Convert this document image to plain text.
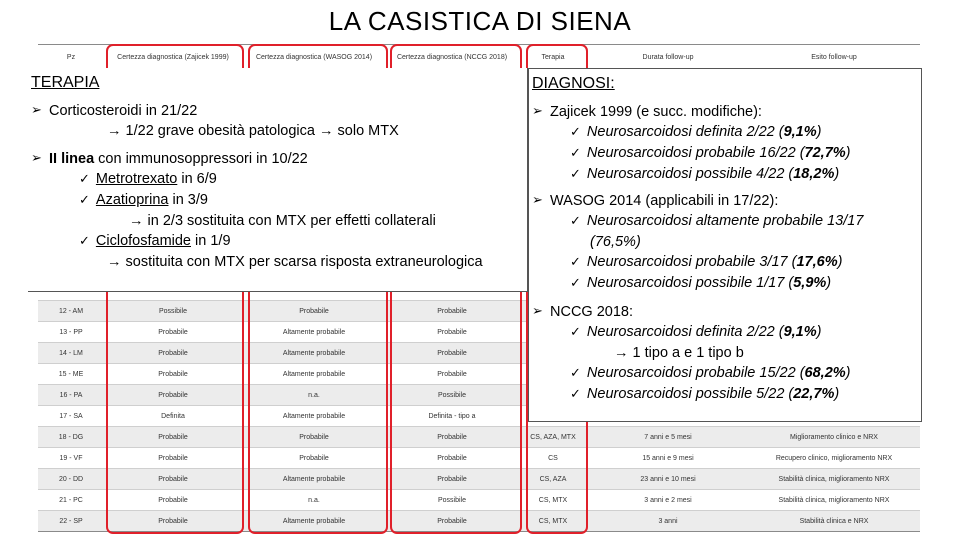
LA CASISTICA DI SIENA
Pz	Certezza diagnostica (Zajicek 1999)	Certezza diagnostica (WASOG 2014)	Certezza diagnostica (NCCG 2018)	Terapia	Durata follow-up	Esito follow-up

12 - AM	Possibile	Probabile	Probabile			
13 - PP	Probabile	Altamente probabile	Probabile			
14 - LM	Probabile	Altamente probabile	Probabile			
15 - ME	Probabile	Altamente probabile	Probabile			
16 - PA	Probabile	n.a.	Possibile			
17 - SA	Definita	Altamente probabile	Definita - tipo a			
18 - DG	Probabile	Probabile	Probabile	CS, AZA, MTX	7 anni e 5 mesi	Miglioramento clinico e NRX
19 - VF	Probabile	Probabile	Probabile	CS	15 anni e 9 mesi	Recupero clinico, miglioramento NRX
20 - DD	Probabile	Altamente probabile	Probabile	CS, AZA	23 anni e 10 mesi	Stabilità clinica, miglioramento NRX
21 - PC	Probabile	n.a.	Possibile	CS, MTX	3 anni e 2 mesi	Stabilità clinica, miglioramento NRX
22 - SP	Probabile	Altamente probabile	Probabile	CS, MTX	3 anni	Stabilità clinica e NRX
TERAPIA
➢ Corticosteroidi in 21/22
→ 1/22 grave obesità patologica → solo MTX
➢ II linea con immunosoppressori in 10/22
✓ Metrotrexato in 6/9
✓ Azatioprina in 3/9
→ in 2/3 sostituita con MTX per effetti collaterali
✓ Ciclofosfamide in 1/9
→ sostituita con MTX per scarsa risposta extraneurologica
DIAGNOSI:
➢ Zajicek 1999 (e succ. modifiche):
✓ Neurosarcoidosi definita 2/22 (9,1%)
✓ Neurosarcoidosi probabile 16/22 (72,7%)
✓ Neurosarcoidosi possibile 4/22 (18,2%)
➢ WASOG 2014 (applicabili in 17/22):
✓ Neurosarcoidosi altamente probabile 13/17
(76,5%)
✓ Neurosarcoidosi probabile 3/17 (17,6%)
✓ Neurosarcoidosi possibile 1/17 (5,9%)
➢ NCCG 2018:
✓ Neurosarcoidosi definita 2/22 (9,1%)
→ 1 tipo a e 1 tipo b
✓ Neurosarcoidosi probabile 15/22 (68,2%)
✓ Neurosarcoidosi possibile 5/22 (22,7%)
